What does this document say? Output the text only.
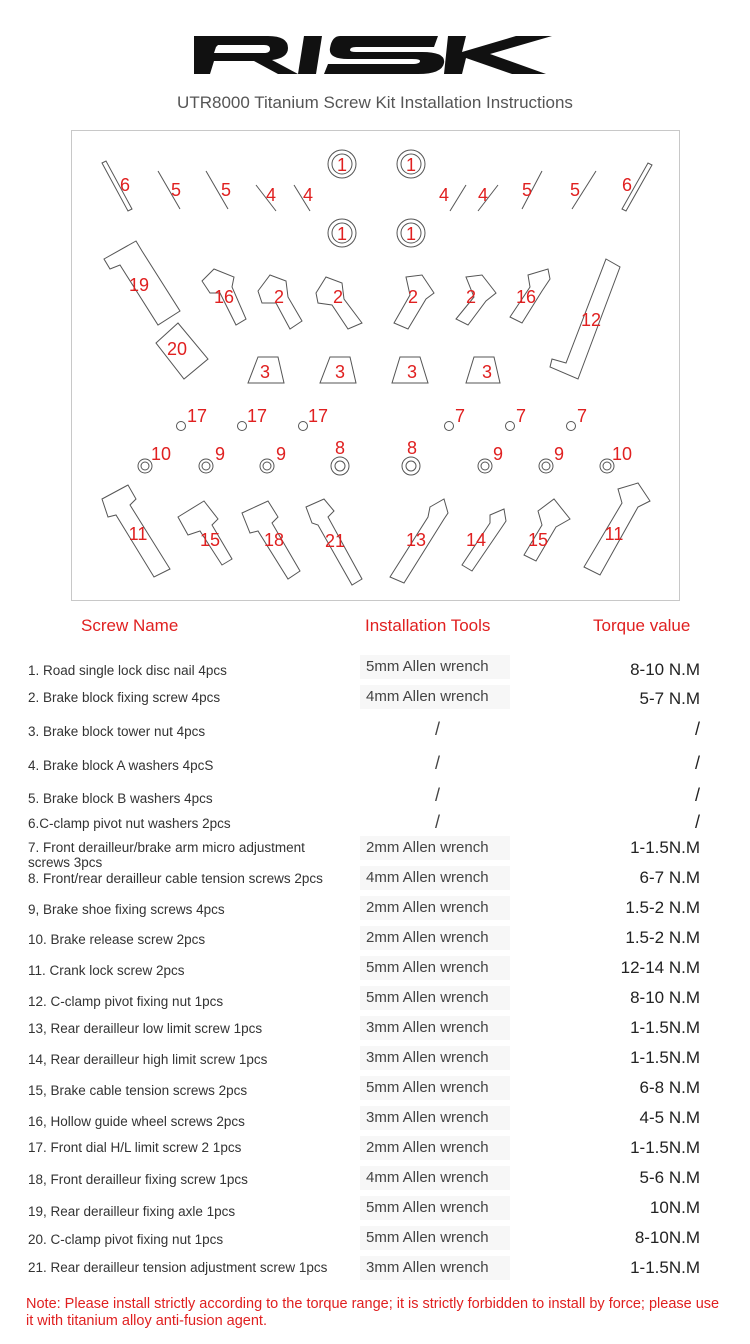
RISK
UTR8000 Titanium Screw Kit Installation Instructions
1	1
1	1
6 5 5 4 4	4 4 5 5 6
19
16 2	2	2	2 16
12
20
3	3	3	3
17 17 17	7	7	7
10 9	9	8	8	9	9	10
11	15 18 21	13 14 15	11
Screw Name	Installation Tools	Torque value
1. Road single lock disc nail 4pcs	5mm Allen wrench	8-10 N.M
2. Brake block fixing screw 4pcs	4mm Allen wrench	5-7 N.M
3. Brake block tower nut 4pcs	/	/
4. Brake block A washers 4pcS	/	/
5. Brake block B washers 4pcs	/	/
6.C-clamp pivot nut washers 2pcs	/	/
7. Front derailleur/brake arm micro adjustment screws 3pcs
2mm Allen wrench	1-1.5N.M
8. Front/rear derailleur cable tension screws 2pcs	4mm Allen wrench	6-7 N.M
9, Brake shoe fixing screws 4pcs	2mm Allen wrench	1.5-2 N.M
10. Brake release screw 2pcs	2mm Allen wrench	1.5-2 N.M
11. Crank lock screw 2pcs	5mm Allen wrench	12-14 N.M
12. C-clamp pivot fixing nut 1pcs	5mm Allen wrench	8-10 N.M
13, Rear derailleur low limit screw 1pcs	3mm Allen wrench	1-1.5N.M
14, Rear derailleur high limit screw 1pcs	3mm Allen wrench	1-1.5N.M
15, Brake cable tension screws 2pcs	5mm Allen wrench	6-8 N.M
16, Hollow guide wheel screws 2pcs	3mm Allen wrench	4-5 N.M
17. Front dial H/L limit screw 2 1pcs	2mm Allen wrench	1-1.5N.M
18, Front derailleur fixing screw 1pcs	4mm Allen wrench	5-6 N.M
19, Rear derailleur fixing axle 1pcs	5mm Allen wrench	10N.M
20. C-clamp pivot fixing nut 1pcs	5mm Allen wrench	8-10N.M
21. Rear derailleur tension adjustment screw 1pcs	3mm Allen wrench	1-1.5N.M
Note: Please install strictly according to the torque range; it is strictly forbidden to install by force; please use it with titanium alloy anti-fusion agent.
